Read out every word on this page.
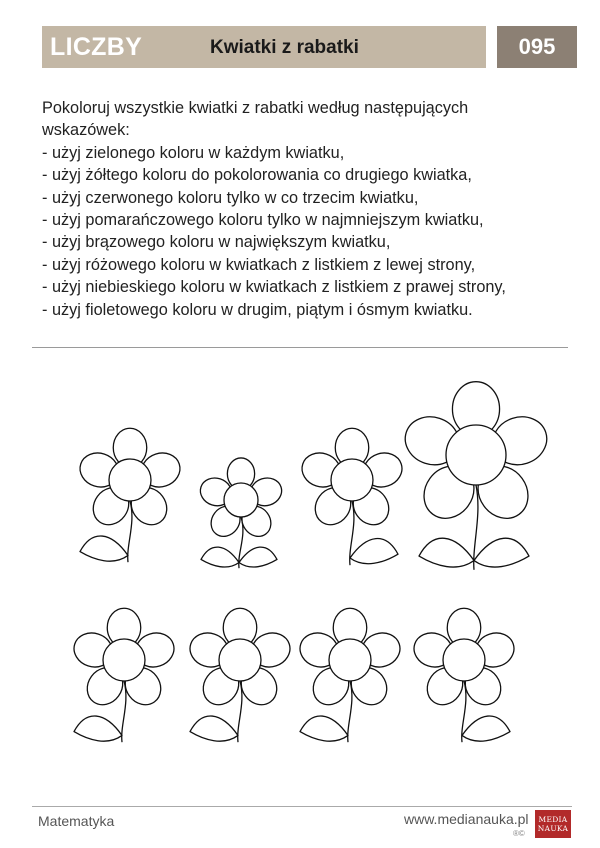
LICZBY	Kwiatki z rabatki	095

Pokoloruj wszystkie kwiatki z rabatki według następujących

wskazówek:

- użyj zielonego koloru w każdym kwiatku,
- użyj żółtego koloru do pokolorowania co drugiego kwiatka,
- użyj czerwonego koloru tylko w co trzecim kwiatku,
- użyj pomarańczowego koloru tylko w najmniejszym kwiatku,
- użyj brązowego koloru w największym kwiatku,
- użyj różowego koloru w kwiatkach z listkiem z lewej strony,
- użyj niebieskiego koloru w kwiatkach z listkiem z prawej strony,
- użyj fioletowego koloru w drugim, piątym i ósmym kwiatku.
Matematyka	www.medianauka.pl
®©
MEDIA
NAUKA
